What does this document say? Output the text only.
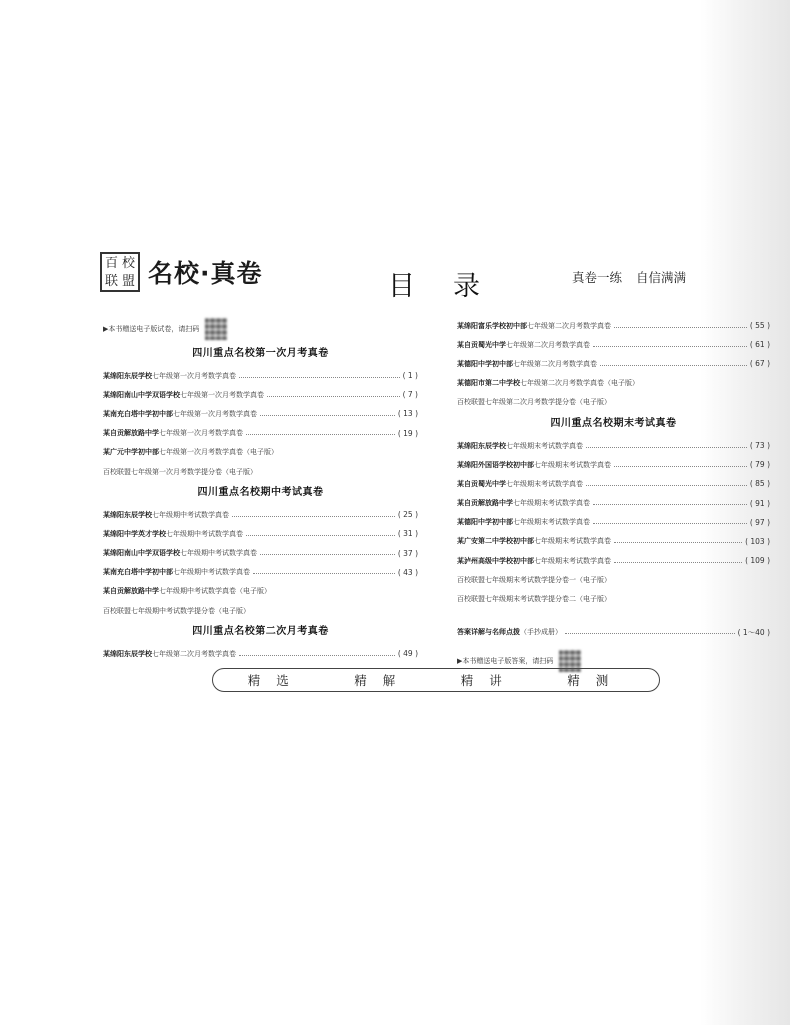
百 校
联 盟 名校·真卷	目录	真卷一练 自信满满
▶本书赠送电子版试卷，请扫码
四川重点名校第一次月考真卷
某绵阳东辰学校 七年级第一次月考数学真卷	( 1 )
某绵阳南山中学双语学校 七年级第一次月考数学真卷	( 7 )
某南充白塔中学初中部 七年级第一次月考数学真卷	( 13 )
某自贡解放路中学 七年级第一次月考数学真卷	( 19 )
某广元中学初中部 七年级第一次月考数学真卷（电子版）
百校联盟七年级第一次月考数学提分卷（电子版）
四川重点名校期中考试真卷
某绵阳东辰学校 七年级期中考试数学真卷	( 25 )
某绵阳中学英才学校 七年级期中考试数学真卷	( 31 )
某绵阳南山中学双语学校 七年级期中考试数学真卷	( 37 )
某南充白塔中学初中部 七年级期中考试数学真卷	( 43 )
某自贡解放路中学 七年级期中考试数学真卷（电子版）
百校联盟七年级期中考试数学提分卷（电子版）
四川重点名校第二次月考真卷
某绵阳东辰学校 七年级第二次月考数学真卷	( 49 )
某绵阳富乐学校初中部 七年级第二次月考数学真卷	( 55 )
某自贡蜀光中学 七年级第二次月考数学真卷	( 61 )
某德阳中学初中部 七年级第二次月考数学真卷	( 67 )
某德阳市第二中学校 七年级第二次月考数学真卷（电子版）
百校联盟七年级第二次月考数学提分卷（电子版）
四川重点名校期末考试真卷
某绵阳东辰学校 七年级期末考试数学真卷	( 73 )
某绵阳外国语学校初中部 七年级期末考试数学真卷	( 79 )
某自贡蜀光中学 七年级期末考试数学真卷	( 85 )
某自贡解放路中学 七年级期末考试数学真卷	( 91 )
某德阳中学初中部 七年级期末考试数学真卷	( 97 )
某广安第二中学校初中部 七年级期末考试数学真卷	( 103 )
某泸州高级中学校初中部 七年级期末考试数学真卷	( 109 )
百校联盟七年级期末考试数学提分卷一（电子版）
百校联盟七年级期末考试数学提分卷二（电子版）
答案详解与名师点拨 （手抄成册）	( 1～40 )
▶本书赠送电子版答案，请扫码
精选	精解	精讲	精测
